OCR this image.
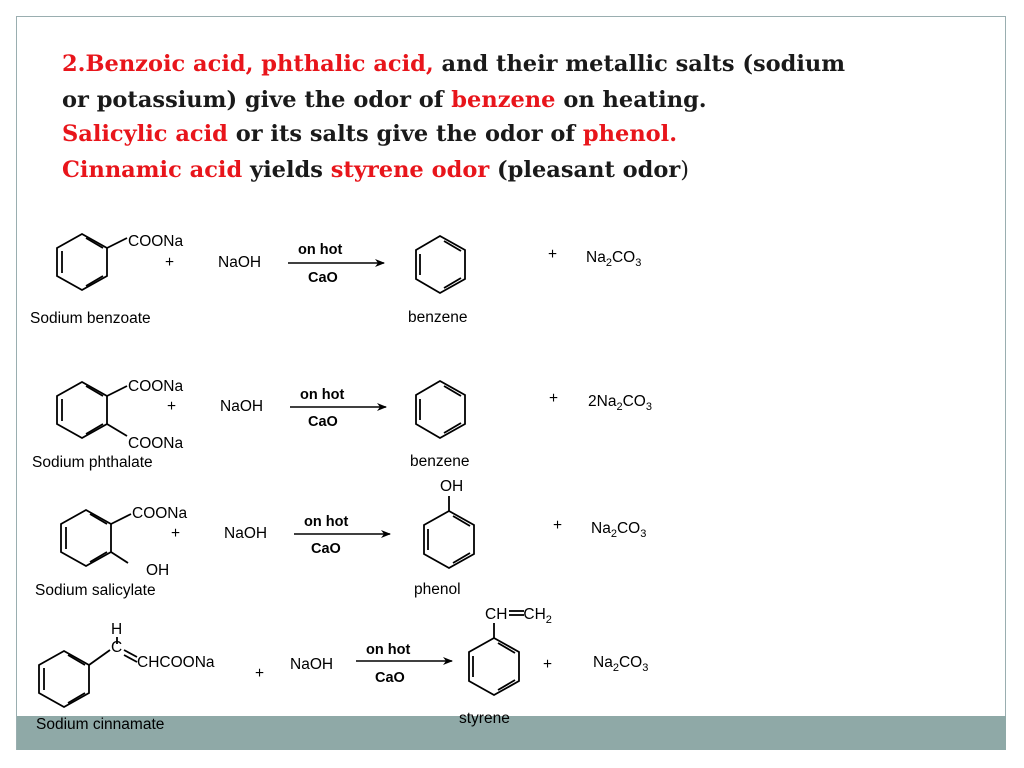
2.Benzoic acid, phthalic acid, and their metallic salts (sodium
or potassium) give the odor of benzene on heating.
Salicylic acid or its salts give the odor of phenol.
Cinnamic acid yields styrene odor (pleasant odor)
COONa
+	NaOH
on hot
CaO
+ $Na_2CO_3$
Sodium benzoate	benzene
COONa
+	NaOH
COONa
on hot
CaO
+ $2Na_2CO_3$
Sodium phthalate	benzene
COONa
+	NaOH
OH
on hot
CaO
OH
+ $Na_2CO_3$
Sodium salicylate	phenol
H
C
CHCOONa
+
NaOH
on hot
CaO
CH $CH_2$
+	$Na_2CO_3$
Sodium cinnamate	styrene
